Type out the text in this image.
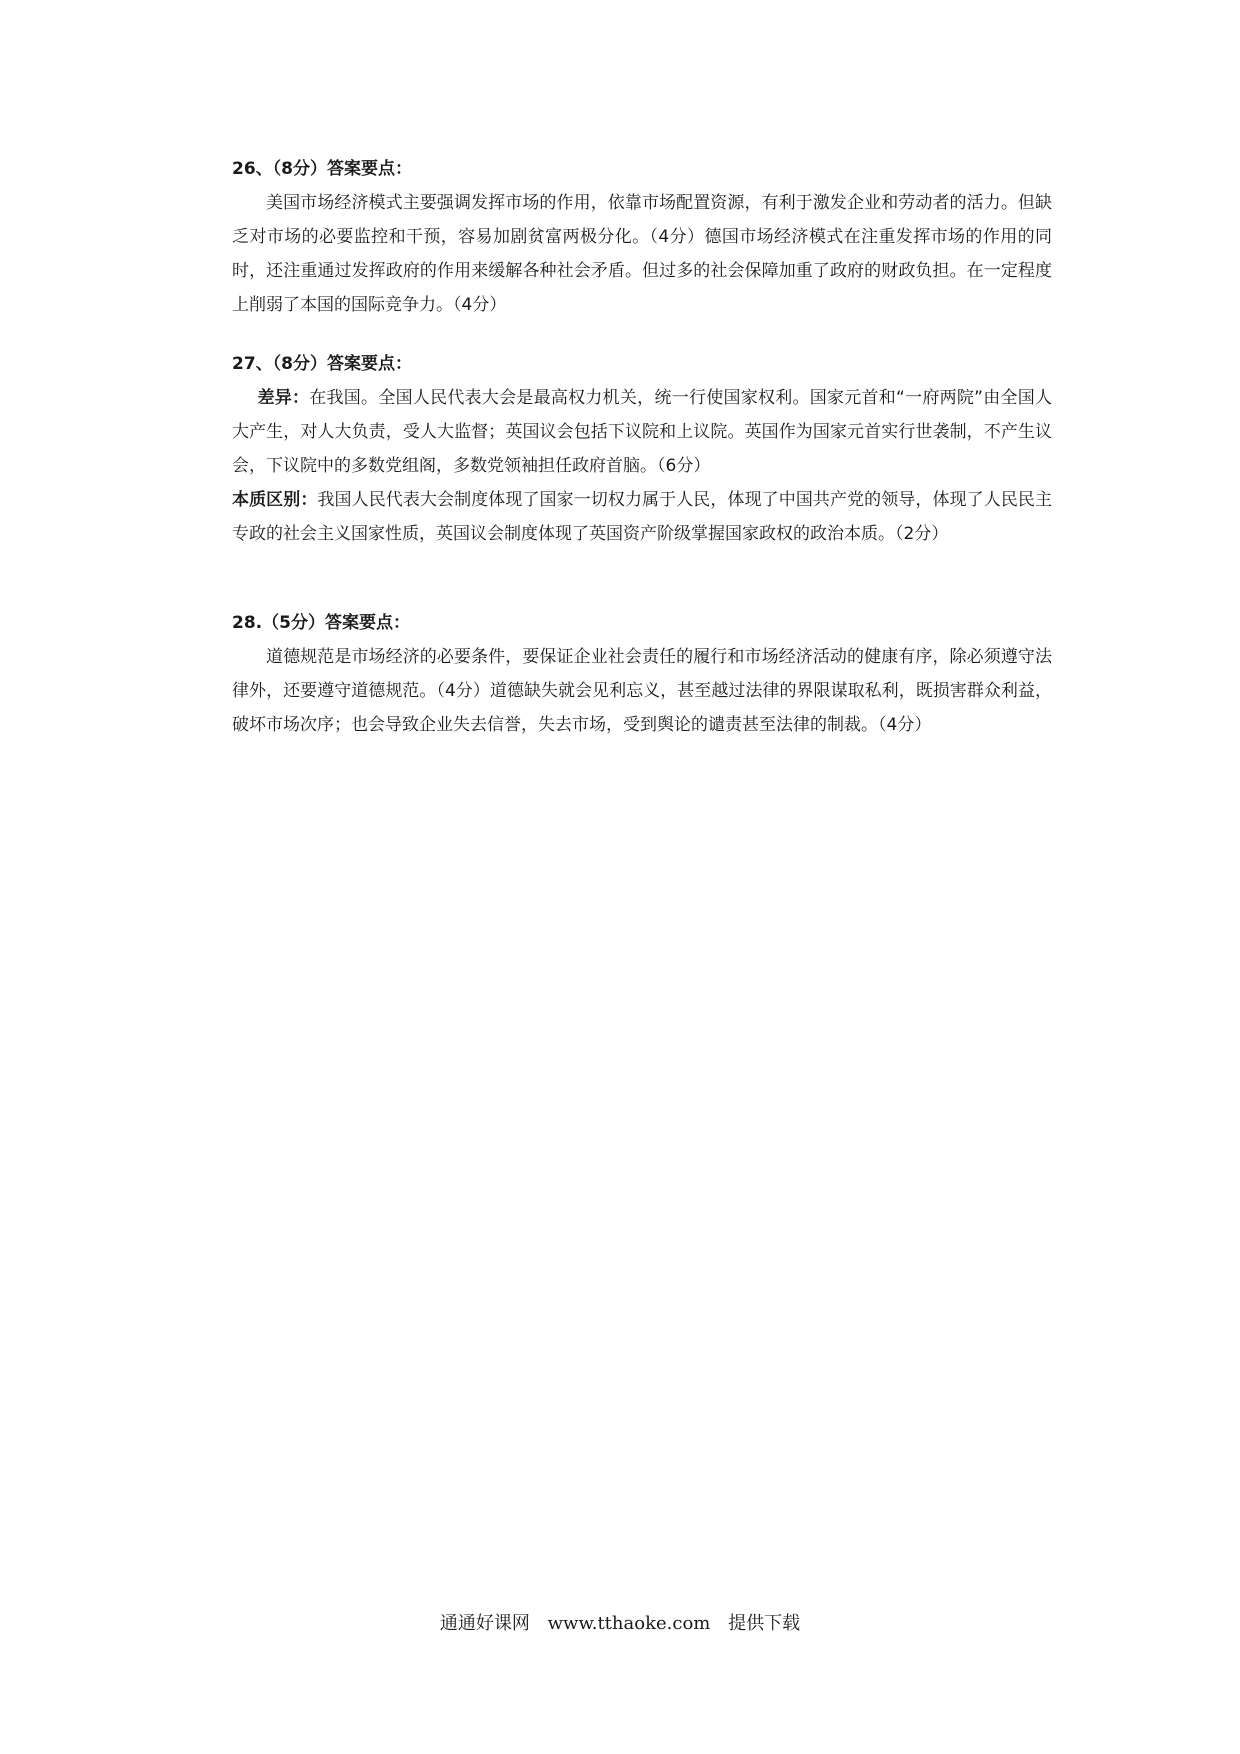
26、（8分）答案要点：

美国市场经济模式主要强调发挥市场的作用，依靠市场配置资源，有利于激发企业和劳动者的活力。但缺乏对市场的必要监控和干预，容易加剧贫富两极分化。（4分）德国市场经济模式在注重发挥市场的作用的同时，还注重通过发挥政府的作用来缓解各种社会矛盾。但过多的社会保障加重了政府的财政负担。在一定程度上削弱了本国的国际竞争力。（4分）

27、（8分）答案要点：

差异：在我国。全国人民代表大会是最高权力机关，统一行使国家权利。国家元首和“一府两院”由全国人大产生，对人大负责，受人大监督；英国议会包括下议院和上议院。英国作为国家元首实行世袭制，不产生议会，下议院中的多数党组阁，多数党领袖担任政府首脑。（6分）

本质区别：我国人民代表大会制度体现了国家一切权力属于人民，体现了中国共产党的领导，体现了人民民主专政的社会主义国家性质，英国议会制度体现了英国资产阶级掌握国家政权的政治本质。（2分）

28.（5分）答案要点：

道德规范是市场经济的必要条件，要保证企业社会责任的履行和市场经济活动的健康有序，除必须遵守法律外，还要遵守道德规范。（4分）道德缺失就会见利忘义，甚至越过法律的界限谋取私利，既损害群众利益，破坏市场次序；也会导致企业失去信誉，失去市场，受到舆论的谴责甚至法律的制裁。（4分）

通通好课网 www.tthaoke.com 提供下载
